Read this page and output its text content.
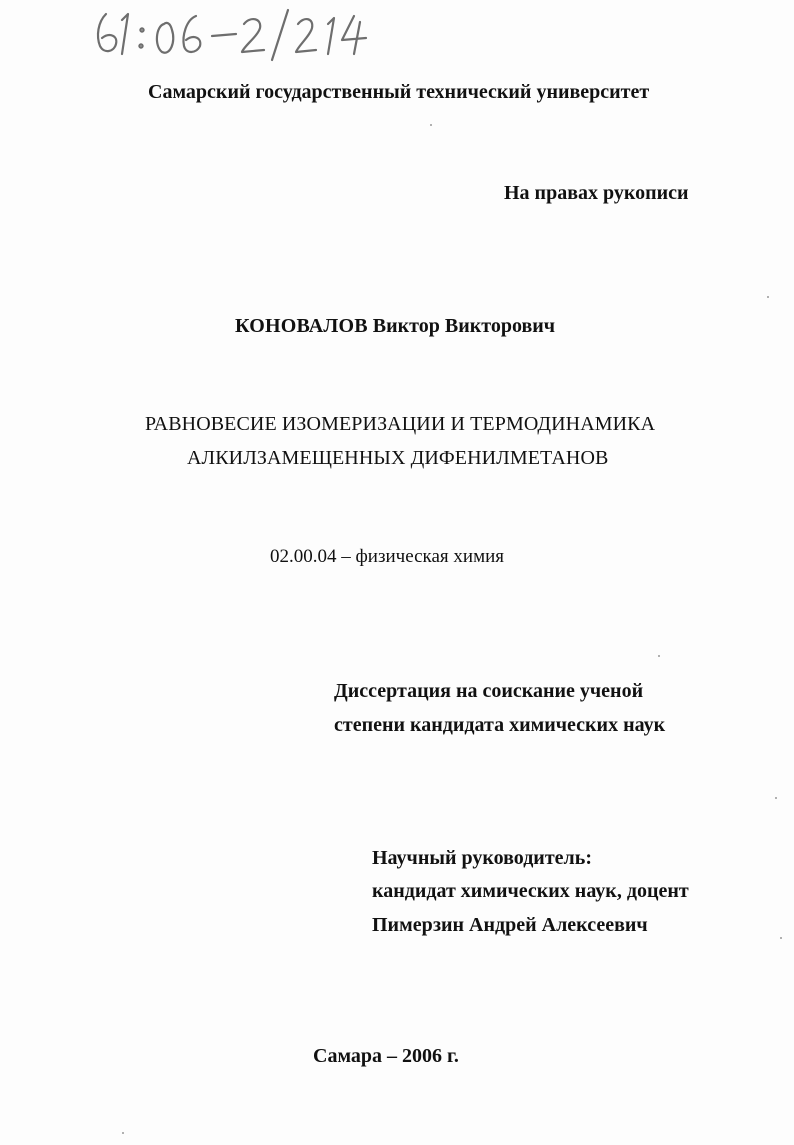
Самарский государственный технический университет
На правах рукописи
КОНОВАЛОВ Виктор Викторович
РАВНОВЕСИЕ ИЗОМЕРИЗАЦИИ И ТЕРМОДИНАМИКА
АЛКИЛЗАМЕЩЕННЫХ ДИФЕНИЛМЕТАНОВ
02.00.04 – физическая химия
Диссертация на соискание ученой
степени кандидата химических наук
Научный руководитель:
кандидат химических наук, доцент
Пимерзин Андрей Алексеевич
Самара – 2006 г.
